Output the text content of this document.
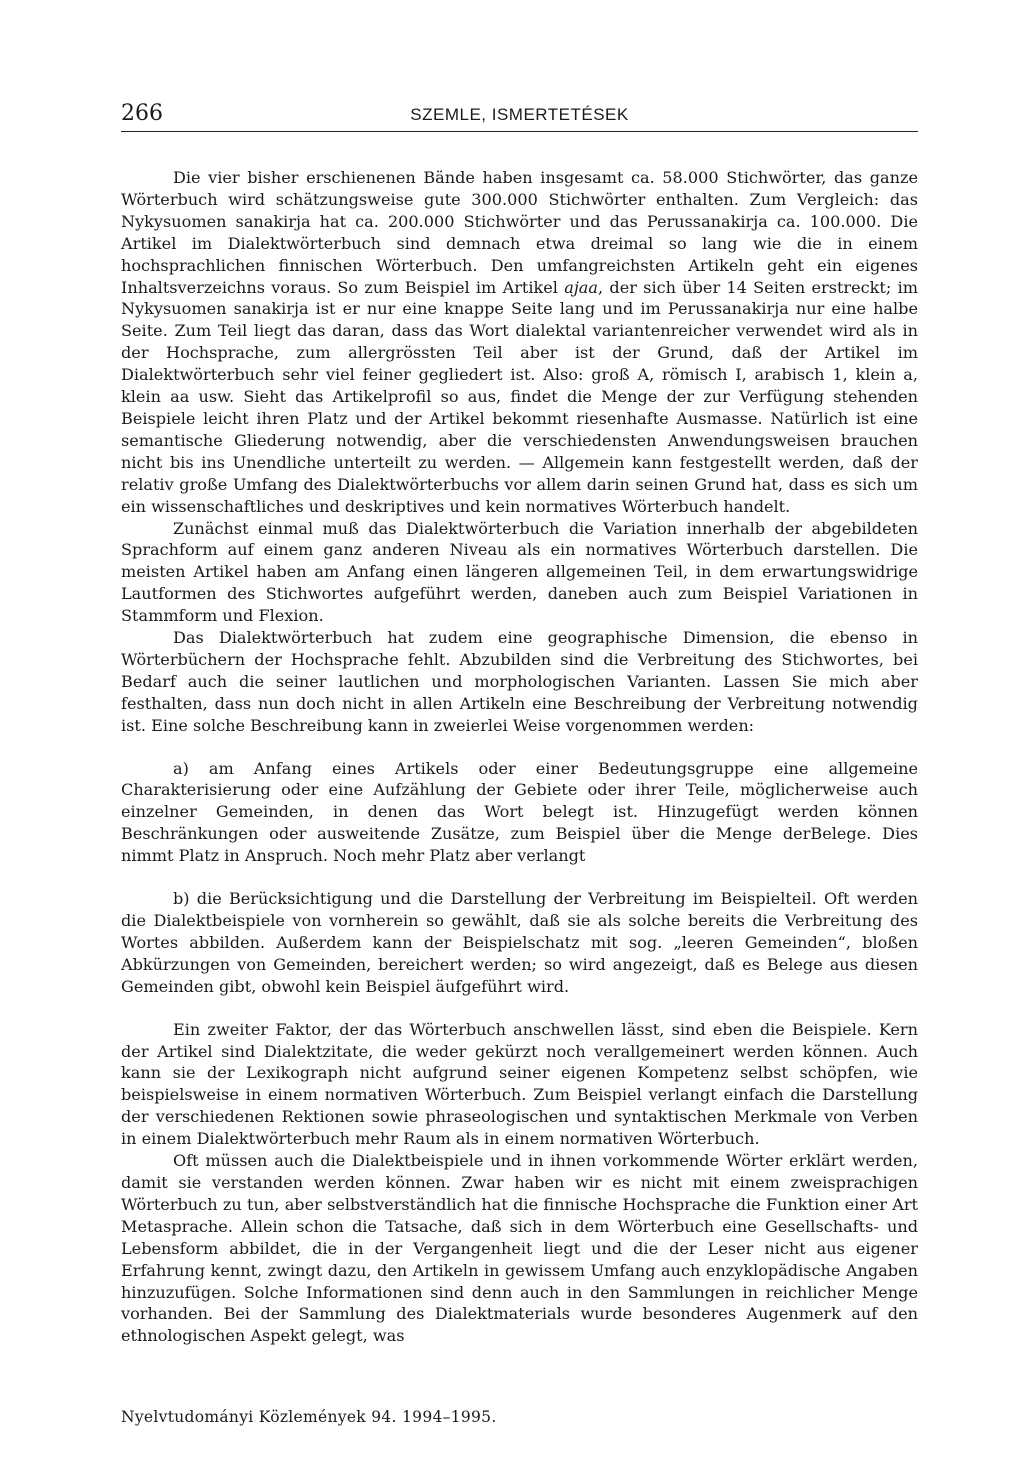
266	SZEMLE, ISMERTETÉSEK

Die vier bisher erschienenen Bände haben insgesamt ca. 58.000 Stichwörter, das ganze Wörterbuch wird schätzungsweise gute 300.000 Stichwörter enthalten. Zum Vergleich: das Nykysuomen sanakirja hat ca. 200.000 Stichwörter und das Perussanakirja ca. 100.000. Die Artikel im Dialektwörterbuch sind demnach etwa dreimal so lang wie die in einem hochsprachlichen finnischen Wörterbuch. Den umfangreichsten Artikeln geht ein eigenes Inhaltsverzeichns voraus. So zum Beispiel im Artikel ajaa, der sich über 14 Seiten erstreckt; im Nykysuomen sanakirja ist er nur eine knappe Seite lang und im Perussanakirja nur eine halbe Seite. Zum Teil liegt das daran, dass das Wort dialektal variantenreicher verwendet wird als in der Hochsprache, zum allergrössten Teil aber ist der Grund, daß der Artikel im Dialektwörterbuch sehr viel feiner gegliedert ist. Also: groß A, römisch I, arabisch 1, klein a, klein aa usw. Sieht das Artikelprofil so aus, findet die Menge der zur Verfügung stehenden Beispiele leicht ihren Platz und der Artikel bekommt riesenhafte Ausmasse. Natürlich ist eine semantische Gliederung notwendig, aber die verschiedensten Anwendungsweisen brauchen nicht bis ins Unendliche unterteilt zu werden. — Allgemein kann festgestellt werden, daß der relativ große Umfang des Dialektwörterbuchs vor allem darin seinen Grund hat, dass es sich um ein wissenschaftliches und deskriptives und kein normatives Wörterbuch handelt.

Zunächst einmal muß das Dialektwörterbuch die Variation innerhalb der abgebildeten Sprachform auf einem ganz anderen Niveau als ein normatives Wörterbuch darstellen. Die meisten Artikel haben am Anfang einen längeren allgemeinen Teil, in dem erwartungswidrige Lautformen des Stichwortes aufgeführt werden, daneben auch zum Beispiel Variationen in Stammform und Flexion.

Das Dialektwörterbuch hat zudem eine geographische Dimension, die ebenso in Wörterbüchern der Hochsprache fehlt. Abzubilden sind die Verbreitung des Stichwortes, bei Bedarf auch die seiner lautlichen und morphologischen Varianten. Lassen Sie mich aber festhalten, dass nun doch nicht in allen Artikeln eine Beschreibung der Verbreitung notwendig ist. Eine solche Beschreibung kann in zweierlei Weise vorgenommen werden:

a) am Anfang eines Artikels oder einer Bedeutungsgruppe eine allgemeine Charakterisierung oder eine Aufzählung der Gebiete oder ihrer Teile, möglicherweise auch einzelner Gemeinden, in denen das Wort belegt ist. Hinzugefügt werden können Beschränkungen oder ausweitende Zusätze, zum Beispiel über die Menge derBelege. Dies nimmt Platz in Anspruch. Noch mehr Platz aber verlangt

b) die Berücksichtigung und die Darstellung der Verbreitung im Beispielteil. Oft werden die Dialektbeispiele von vornherein so gewählt, daß sie als solche bereits die Verbreitung des Wortes abbilden. Außerdem kann der Beispielschatz mit sog. „leeren Gemeinden“, bloßen Abkürzungen von Gemeinden, bereichert werden; so wird angezeigt, daß es Belege aus diesen Gemeinden gibt, obwohl kein Beispiel äufgeführt wird.

Ein zweiter Faktor, der das Wörterbuch anschwellen lässt, sind eben die Beispiele. Kern der Artikel sind Dialektzitate, die weder gekürzt noch verallgemeinert werden können. Auch kann sie der Lexikograph nicht aufgrund seiner eigenen Kompetenz selbst schöpfen, wie beispielsweise in einem normativen Wörterbuch. Zum Beispiel verlangt einfach die Darstellung der verschiedenen Rektionen sowie phraseologischen und syntaktischen Merkmale von Verben in einem Dialektwörterbuch mehr Raum als in einem normativen Wörterbuch.

Oft müssen auch die Dialektbeispiele und in ihnen vorkommende Wörter erklärt werden, damit sie verstanden werden können. Zwar haben wir es nicht mit einem zweisprachigen Wörterbuch zu tun, aber selbstverständlich hat die finnische Hochsprache die Funktion einer Art Metasprache. Allein schon die Tatsache, daß sich in dem Wörterbuch eine Gesellschafts- und Lebensform abbildet, die in der Vergangenheit liegt und die der Leser nicht aus eigener Erfahrung kennt, zwingt dazu, den Artikeln in gewissem Umfang auch enzyklopädische Angaben hinzuzufügen. Solche Informationen sind denn auch in den Sammlungen in reichlicher Menge vorhanden. Bei der Sammlung des Dialektmaterials wurde besonderes Augenmerk auf den ethnologischen Aspekt gelegt, was

Nyelvtudományi Közlemények 94. 1994–1995.
